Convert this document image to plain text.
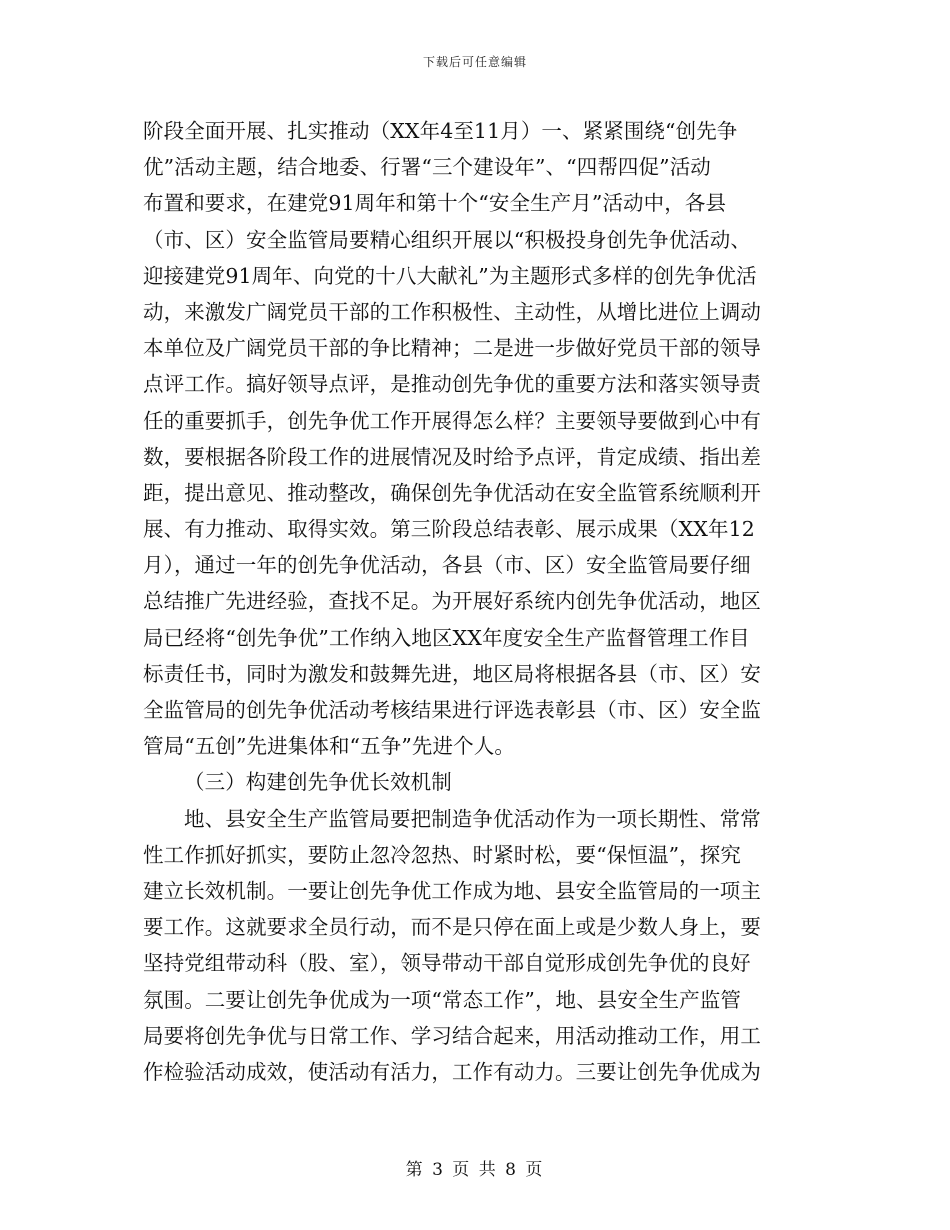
下载后可任意编辑
阶段全面开展、扎实推动（XX年4至11月）一、紧紧围绕“创先争
优”活动主题，结合地委、行署“三个建设年”、“四帮四促”活动
布置和要求，在建党91周年和第十个“安全生产月”活动中，各县
（市、区）安全监管局要精心组织开展以“积极投身创先争优活动、
迎接建党91周年、向党的十八大献礼”为主题形式多样的创先争优活
动，来激发广阔党员干部的工作积极性、主动性，从增比进位上调动
本单位及广阔党员干部的争比精神；二是进一步做好党员干部的领导
点评工作。搞好领导点评，是推动创先争优的重要方法和落实领导责
任的重要抓手，创先争优工作开展得怎么样？主要领导要做到心中有
数，要根据各阶段工作的进展情况及时给予点评，肯定成绩、指出差
距，提出意见、推动整改，确保创先争优活动在安全监管系统顺利开
展、有力推动、取得实效。第三阶段总结表彰、展示成果（XX年12
月），通过一年的创先争优活动，各县（市、区）安全监管局要仔细
总结推广先进经验，查找不足。为开展好系统内创先争优活动，地区
局已经将“创先争优”工作纳入地区XX年度安全生产监督管理工作目
标责任书，同时为激发和鼓舞先进，地区局将根据各县（市、区）安
全监管局的创先争优活动考核结果进行评选表彰县（市、区）安全监
管局“五创”先进集体和“五争”先进个人。
（三）构建创先争优长效机制
地、县安全生产监管局要把制造争优活动作为一项长期性、常常
性工作抓好抓实，要防止忽冷忽热、时紧时松，要“保恒温”，探究
建立长效机制。一要让创先争优工作成为地、县安全监管局的一项主
要工作。这就要求全员行动，而不是只停在面上或是少数人身上，要
坚持党组带动科（股、室），领导带动干部自觉形成创先争优的良好
氛围。二要让创先争优成为一项“常态工作”，地、县安全生产监管
局要将创先争优与日常工作、学习结合起来，用活动推动工作，用工
作检验活动成效，使活动有活力，工作有动力。三要让创先争优成为
第 3 页 共 8 页
